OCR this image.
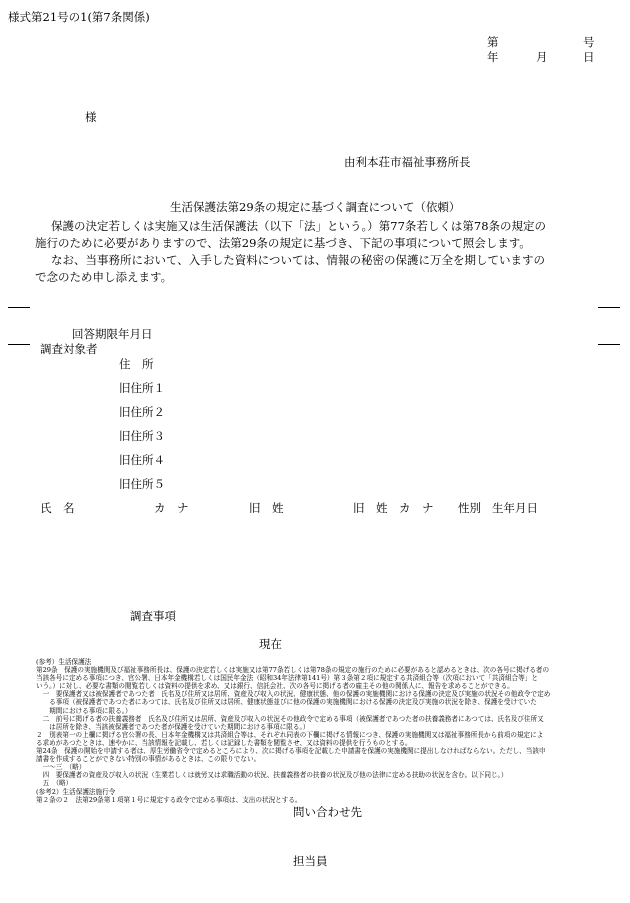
様式第21号の1(第7条関係)
第	号
年	月	日
様
由利本荘市福祉事務所長
生活保護法第29条の規定に基づく調査について（依頼）
保護の決定若しくは実施又は生活保護法（以下「法」という。）第77条若しくは第78条の規定の
施行のために必要がありますので、法第29条の規定に基づき、下記の事項について照会します。
なお、当事務所において、入手した資料については、情報の秘密の保護に万全を期していますの
で念のため申し添えます。
回答期限年月日
調査対象者
住　所
旧住所１
旧住所２
旧住所３
旧住所４
旧住所５
氏　名	カ　ナ	旧　姓	旧　姓　カ　ナ 性別 生年月日
調査事項
現在
(参考）生活保護法
第29条　保護の実施機関及び福祉事務所長は、保護の決定若しくは実施又は第77条若しくは第78条の規定の施行のために必要があると認めるときは、次の各号に掲げる者の
当該各号に定める事項につき、官公署、日本年金機構若しくは国民年金法（昭和34年法律第141号）第３条第２項に規定する共済組合等（次項において「共済組合等」と
いう。）に対し、必要な書類の閲覧若しくは資料の提供を求め、又は銀行、信託会社、次の各号に掲げる者の雇主その他の関係人に、報告を求めることができる。
　一　要保護者又は被保護者であつた者　氏名及び住所又は居所、資産及び収入の状況、健康状態、他の保護の実施機関における保護の決定及び実施の状況その他政令で定め
　　る事項（被保護者であつた者にあつては、氏名及び住所又は居所、健康状態並びに他の保護の実施機関における保護の決定及び実施の状況を除き、保護を受けていた
　　期間における事項に限る。）
　二　前号に掲げる者の扶養義務者　氏名及び住所又は居所、資産及び収入の状況その他政令で定める事項（被保護者であつた者の扶養義務者にあつては、氏名及び住所又
　　は居所を除き、当該被保護者であつた者が保護を受けていた期間における事項に限る。）
２　別表第一の上欄に掲げる官公署の長、日本年金機構又は共済組合等は、それぞれ同表の下欄に掲げる情報につき、保護の実施機関又は福祉事務所長から前項の規定によ
る求めがあつたときは、速やかに、当該情報を記載し、若しくは記録した書類を閲覧させ、又は資料の提供を行うものとする。
第24条　保護の開始を申請する者は、厚生労働省令で定めるところにより、次に掲げる事項を記載した申請書を保護の実施機関に提出しなければならない。ただし、当該申
請書を作成することができない特別の事情があるときは、この限りでない。
　一～三　（略）
　四　要保護者の資産及び収入の状況（生業若しくは就労又は求職活動の状況、扶養義務者の扶養の状況及び他の法律に定める扶助の状況を含む。以下同じ。）
　五　（略）
(参考2）生活保護法施行令
第２条の２　法第29条第１項第１号に規定する政令で定める事項は、支出の状況とする。
問い合わせ先
担当員
